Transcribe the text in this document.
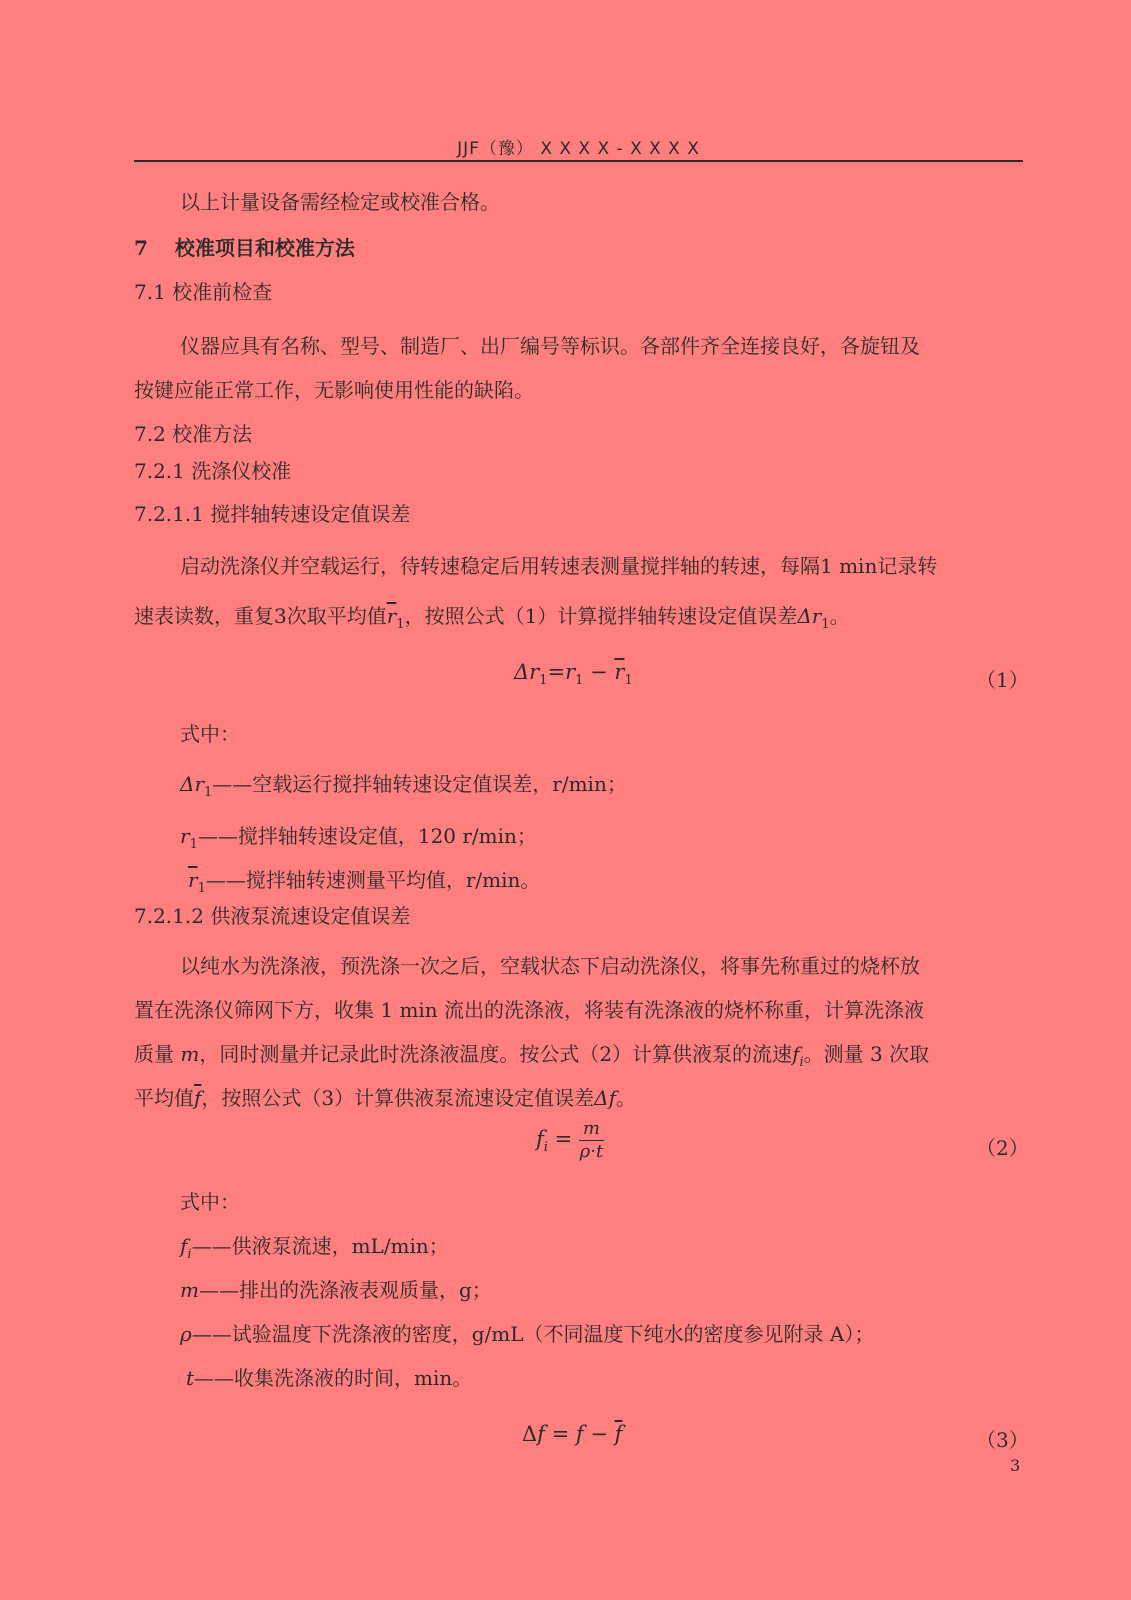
JJF（豫） X X X X - X X X X
以上计量设备需经检定或校准合格。
7　 校准项目和校准方法
7.1 校准前检查
仪器应具有名称、型号、制造厂、出厂编号等标识。各部件齐全连接良好，各旋钮及
按键应能正常工作，无影响使用性能的缺陷。
7.2 校准方法
7.2.1 洗涤仪校准
7.2.1.1 搅拌轴转速设定值误差
启动洗涤仪并空载运行，待转速稳定后用转速表测量搅拌轴的转速，每隔1 min记录转
速表读数，重复3次取平均值$\overline{r}_1$，按照公式（1）计算搅拌轴转速设定值误差$\Delta r_1$。
$\Delta r_1=r_1 - \overline{r}_1$	（1）
式中：
$\Delta r_1——$空载运行搅拌轴转速设定值误差，r/min；
$r_1——$搅拌轴转速设定值，120 r/min；
$\overline{r}_1——$搅拌轴转速测量平均值，r/min。
7.2.1.2 供液泵流速设定值误差
以纯水为洗涤液，预洗涤一次之后，空载状态下启动洗涤仪，将事先称重过的烧杯放
置在洗涤仪筛网下方，收集 1 min 流出的洗涤液，将装有洗涤液的烧杯称重，计算洗涤液
质量 m，同时测量并记录此时洗涤液温度。按公式（2）计算供液泵的流速$f_i$。测量 3 次取
平均值$\overline{f}$，按照公式（3）计算供液泵流速设定值误差Δf。
$f_i = \frac{m}{\rho\cdot t}$	（2）
式中：
$f_i——$供液泵流速，mL/min；
m——排出的洗涤液表观质量，g；
ρ——试验温度下洗涤液的密度，g/mL（不同温度下纯水的密度参见附录 A）；
t——收集洗涤液的时间，min。
$\Delta f = f - \overline{f}$	（3）
3
